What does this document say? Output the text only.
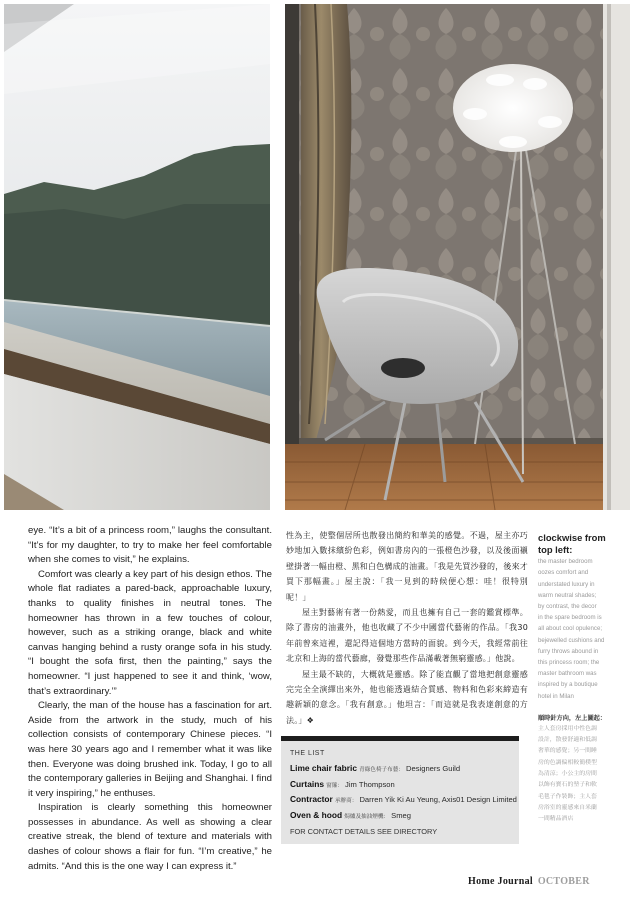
eye. “It’s a bit of a princess room,” laughs the consultant. “It’s for my daughter, to try to make her feel comfortable when she comes to visit,” he explains.

Comfort was clearly a key part of his design ethos. The whole flat radiates a pared-back, approachable luxury, thanks to quality finishes in neutral tones. The homeowner has thrown in a few touches of colour, however, such as a striking orange, black and white canvas hanging behind a rusty orange sofa in his study. “I bought the sofa first, then the painting,” says the homeowner. “I just happened to see it and think, ‘wow, that’s extraordinary.’”

Clearly, the man of the house has a fascination for art. Aside from the artwork in the study, much of his collection consists of contemporary Chinese pieces. “I was here 30 years ago and I remember what it was like then. Everyone was doing brushed ink. Today, I go to all the contemporary galleries in Beijing and Shanghai. I find it very inspiring,” he enthuses.

Inspiration is clearly something this homeowner possesses in abundance. As well as showing a clear creative streak, the blend of texture and materials with dashes of colour shows a flair for fun. “I’m creative,” he admits. “And this is the one way I can express it.”

性為主，使整個居所也散發出簡約和華美的感覺。不過，屋主亦巧妙地加入數抹繽紛色彩，例如書房內的一張橙色沙發，以及後面襯壁掛著一幅由橙、黑和白色構成的油畫。「我是先買沙發的，後來才買下那幅畫。」屋主說：「我一見到的時候便心想：哇！很特別呢！」

屋主對藝術有著一份熱愛，而且也擁有自己一套的鑑賞標準。除了書房的油畫外，他也收藏了不少中國當代藝術的作品。「我30年前曾來這裡，還記得這個地方當時的面貌。到今天，我經常前往北京和上海的當代藝廊，發覺那些作品滿載著無窮靈感。」他說。

屋主最不缺的，大概就是靈感。除了能直觀了當地把創意靈感完完全全演繹出來外，他也能透過結合質感、物料和色彩來締造有趣新穎的意念。「我有創意。」他坦言：「而這就是我表達創意的方法。」❖

THE LIST
Lime chair fabric 青綠色椅子布藝： Designers Guild
Curtains 窗簾： Jim Thompson
Contractor 承辦商： Darren Yik Ki Au Yeung, Axis01 Design Limited
Oven & hood 焗爐及抽油煙機： Smeg
FOR CONTACT DETAILS SEE DIRECTORY
clockwise from top left:
the master bedroom
oozes comfort and
understated luxury in
warm neutral shades;
by contrast, the decor
in the spare bedroom is
all about cool opulence;
bejewelled cushions and
furry throws abound in
this princess room; the
master bathroom was
inspired by a boutique
hotel in Milan
順時針方向，左上圖起：
主人套房採用中性色調
設計，散發舒適和低調
奢華的感覺；另一間睡
房的色調偏相較簡樸型
為清涼；小公主的房間
以飾有寶石的墊子和軟
毛毯子作裝飾；主人套
房浴室的靈感來自米蘭
一間精品酒店
Home Journal OCTOBER
